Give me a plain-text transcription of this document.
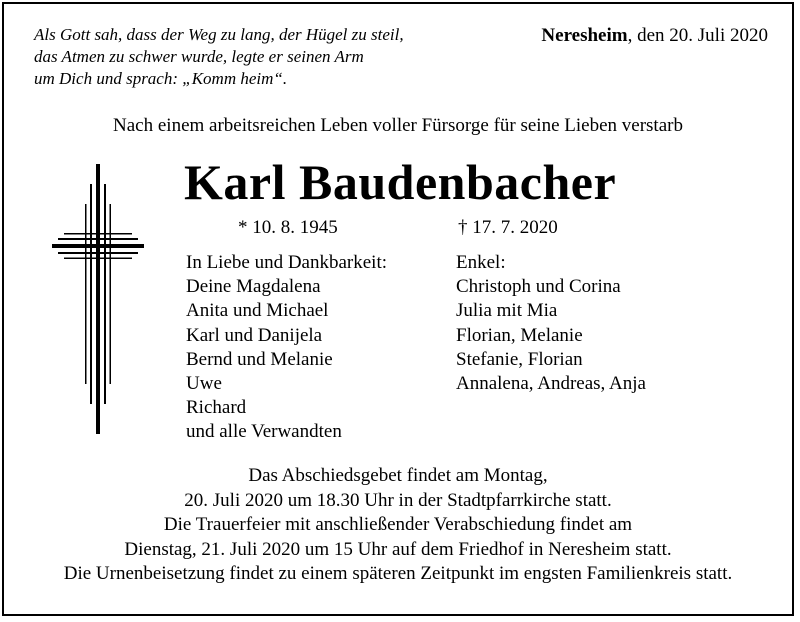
Als Gott sah, dass der Weg zu lang, der Hügel zu steil,
das Atmen zu schwer wurde, legte er seinen Arm
um Dich und sprach: „Komm heim“.
Neresheim, den 20. Juli 2020
Nach einem arbeitsreichen Leben voller Fürsorge für seine Lieben verstarb
Karl Baudenbacher
* 10. 8. 1945	† 17. 7. 2020
In Liebe und Dankbarkeit:
Deine Magdalena
Anita und Michael
Karl und Danijela
Bernd und Melanie
Uwe
Richard
und alle Verwandten
Enkel:
Christoph und Corina
Julia mit Mia
Florian, Melanie
Stefanie, Florian
Annalena, Andreas, Anja
Das Abschiedsgebet findet am Montag,
20. Juli 2020 um 18.30 Uhr in der Stadtpfarrkirche statt.
Die Trauerfeier mit anschließender Verabschiedung findet am
Dienstag, 21. Juli 2020 um 15 Uhr auf dem Friedhof in Neresheim statt.
Die Urnenbeisetzung findet zu einem späteren Zeitpunkt im engsten Familienkreis statt.
